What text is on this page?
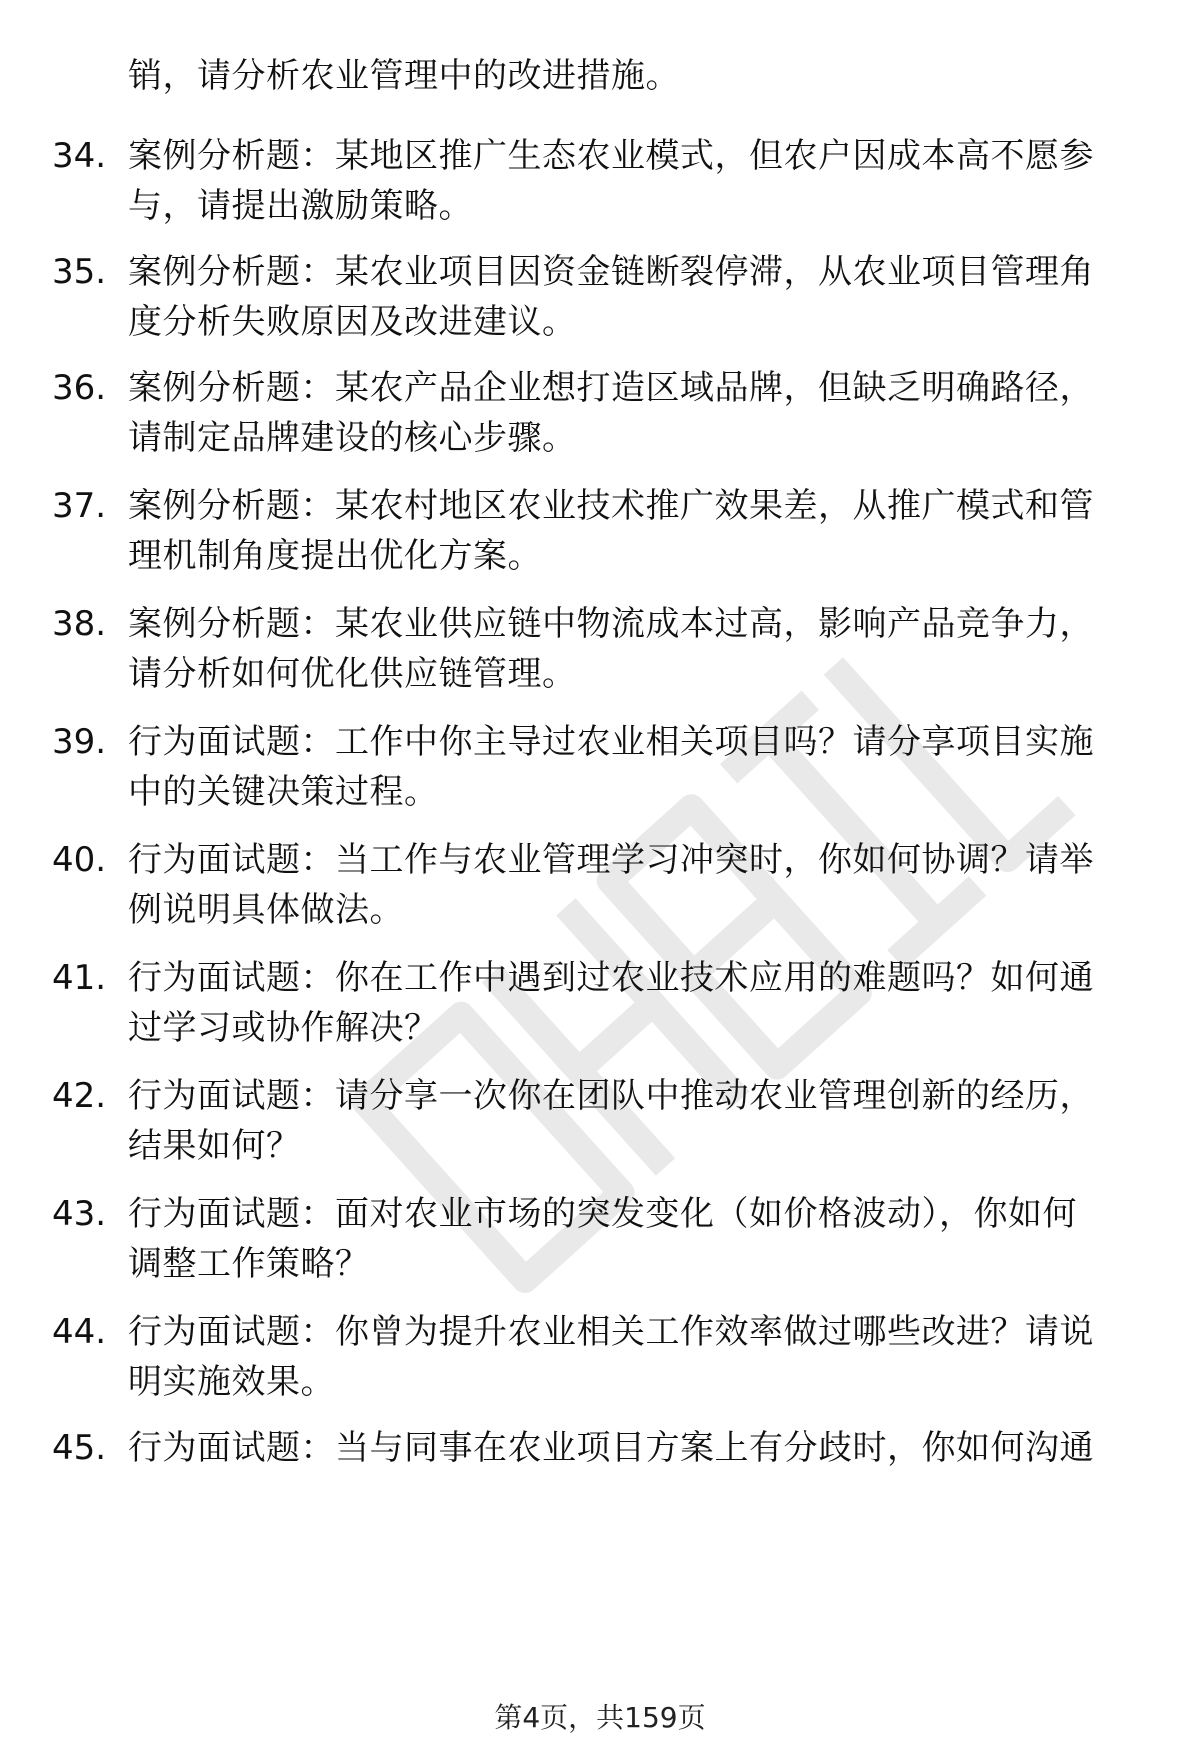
销，请分析农业管理中的改进措施。
34. 案例分析题：某地区推广生态农业模式，但农户因成本高不愿参
与，请提出激励策略。
35. 案例分析题：某农业项目因资金链断裂停滞，从农业项目管理角
度分析失败原因及改进建议。
36. 案例分析题：某农产品企业想打造区域品牌，但缺乏明确路径，
请制定品牌建设的核心步骤。
37. 案例分析题：某农村地区农业技术推广效果差，从推广模式和管
理机制角度提出优化方案。
38. 案例分析题：某农业供应链中物流成本过高，影响产品竞争力，
请分析如何优化供应链管理。
39. 行为面试题：工作中你主导过农业相关项目吗？请分享项目实施
中的关键决策过程。
40. 行为面试题：当工作与农业管理学习冲突时，你如何协调？请举
例说明具体做法。
41. 行为面试题：你在工作中遇到过农业技术应用的难题吗？如何通
过学习或协作解决？
42. 行为面试题：请分享一次你在团队中推动农业管理创新的经历，
结果如何？
43. 行为面试题：面对农业市场的突发变化（如价格波动），你如何
调整工作策略？
44. 行为面试题：你曾为提升农业相关工作效率做过哪些改进？请说
明实施效果。
45. 行为面试题：当与同事在农业项目方案上有分歧时，你如何沟通
第4页，共159页
